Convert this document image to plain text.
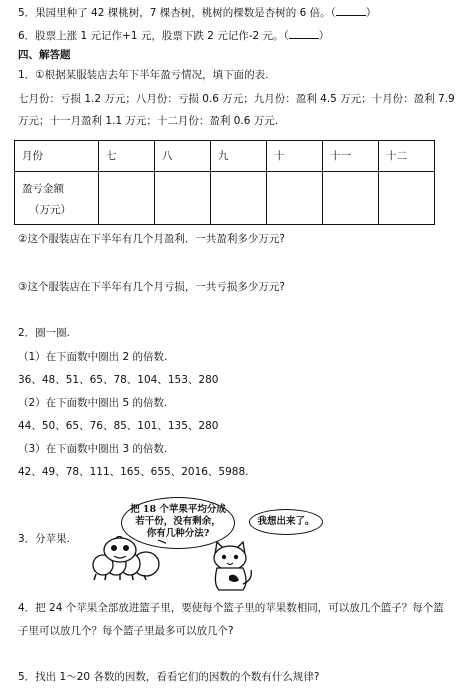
5．果园里种了 42 棵桃树，7 棵杏树，桃树的棵数是杏树的 6 倍。（	）
6．股票上涨 1 元记作+1 元，股票下跌 2 元记作-2 元。（	）
四、解答题
1．①根据某服装店去年下半年盈亏情况，填下面的表.
七月份：亏损 1.2 万元；八月份：亏损 0.6 万元；九月份：盈利 4.5 万元；十月份：盈利 7.9
万元；十一月盈利 1.1 万元；十二月份：盈利 0.6 万元.
月份	七	八	九	十	十一	十二

盈亏金额
（万元）						

②这个服装店在下半年有几个月盈利．一共盈利多少万元?
③这个服装店在下半年有几个月亏损，一共亏损多少万元?
2．圈一圈.
（1）在下面数中圈出 2 的倍数.
36、48、51、65、78、104、153、280
（2）在下面数中圈出 5 的倍数.
44、50、65、76、85、101、135、280
（3）在下面数中圈出 3 的倍数.
42、49、78、111、165、655、2016、5988.
3．分苹果.
把 18 个苹果平均分成
若干份，没有剩余，
你有几种分法?
我想出来了。
4．把 24 个苹果全部放进篮子里，要使每个篮子里的苹果数相同，可以放几个篮子？每个篮
子里可以放几个？每个篮子里最多可以放几个?
5．找出 1～20 各数的因数，看看它们的因数的个数有什么规律?
